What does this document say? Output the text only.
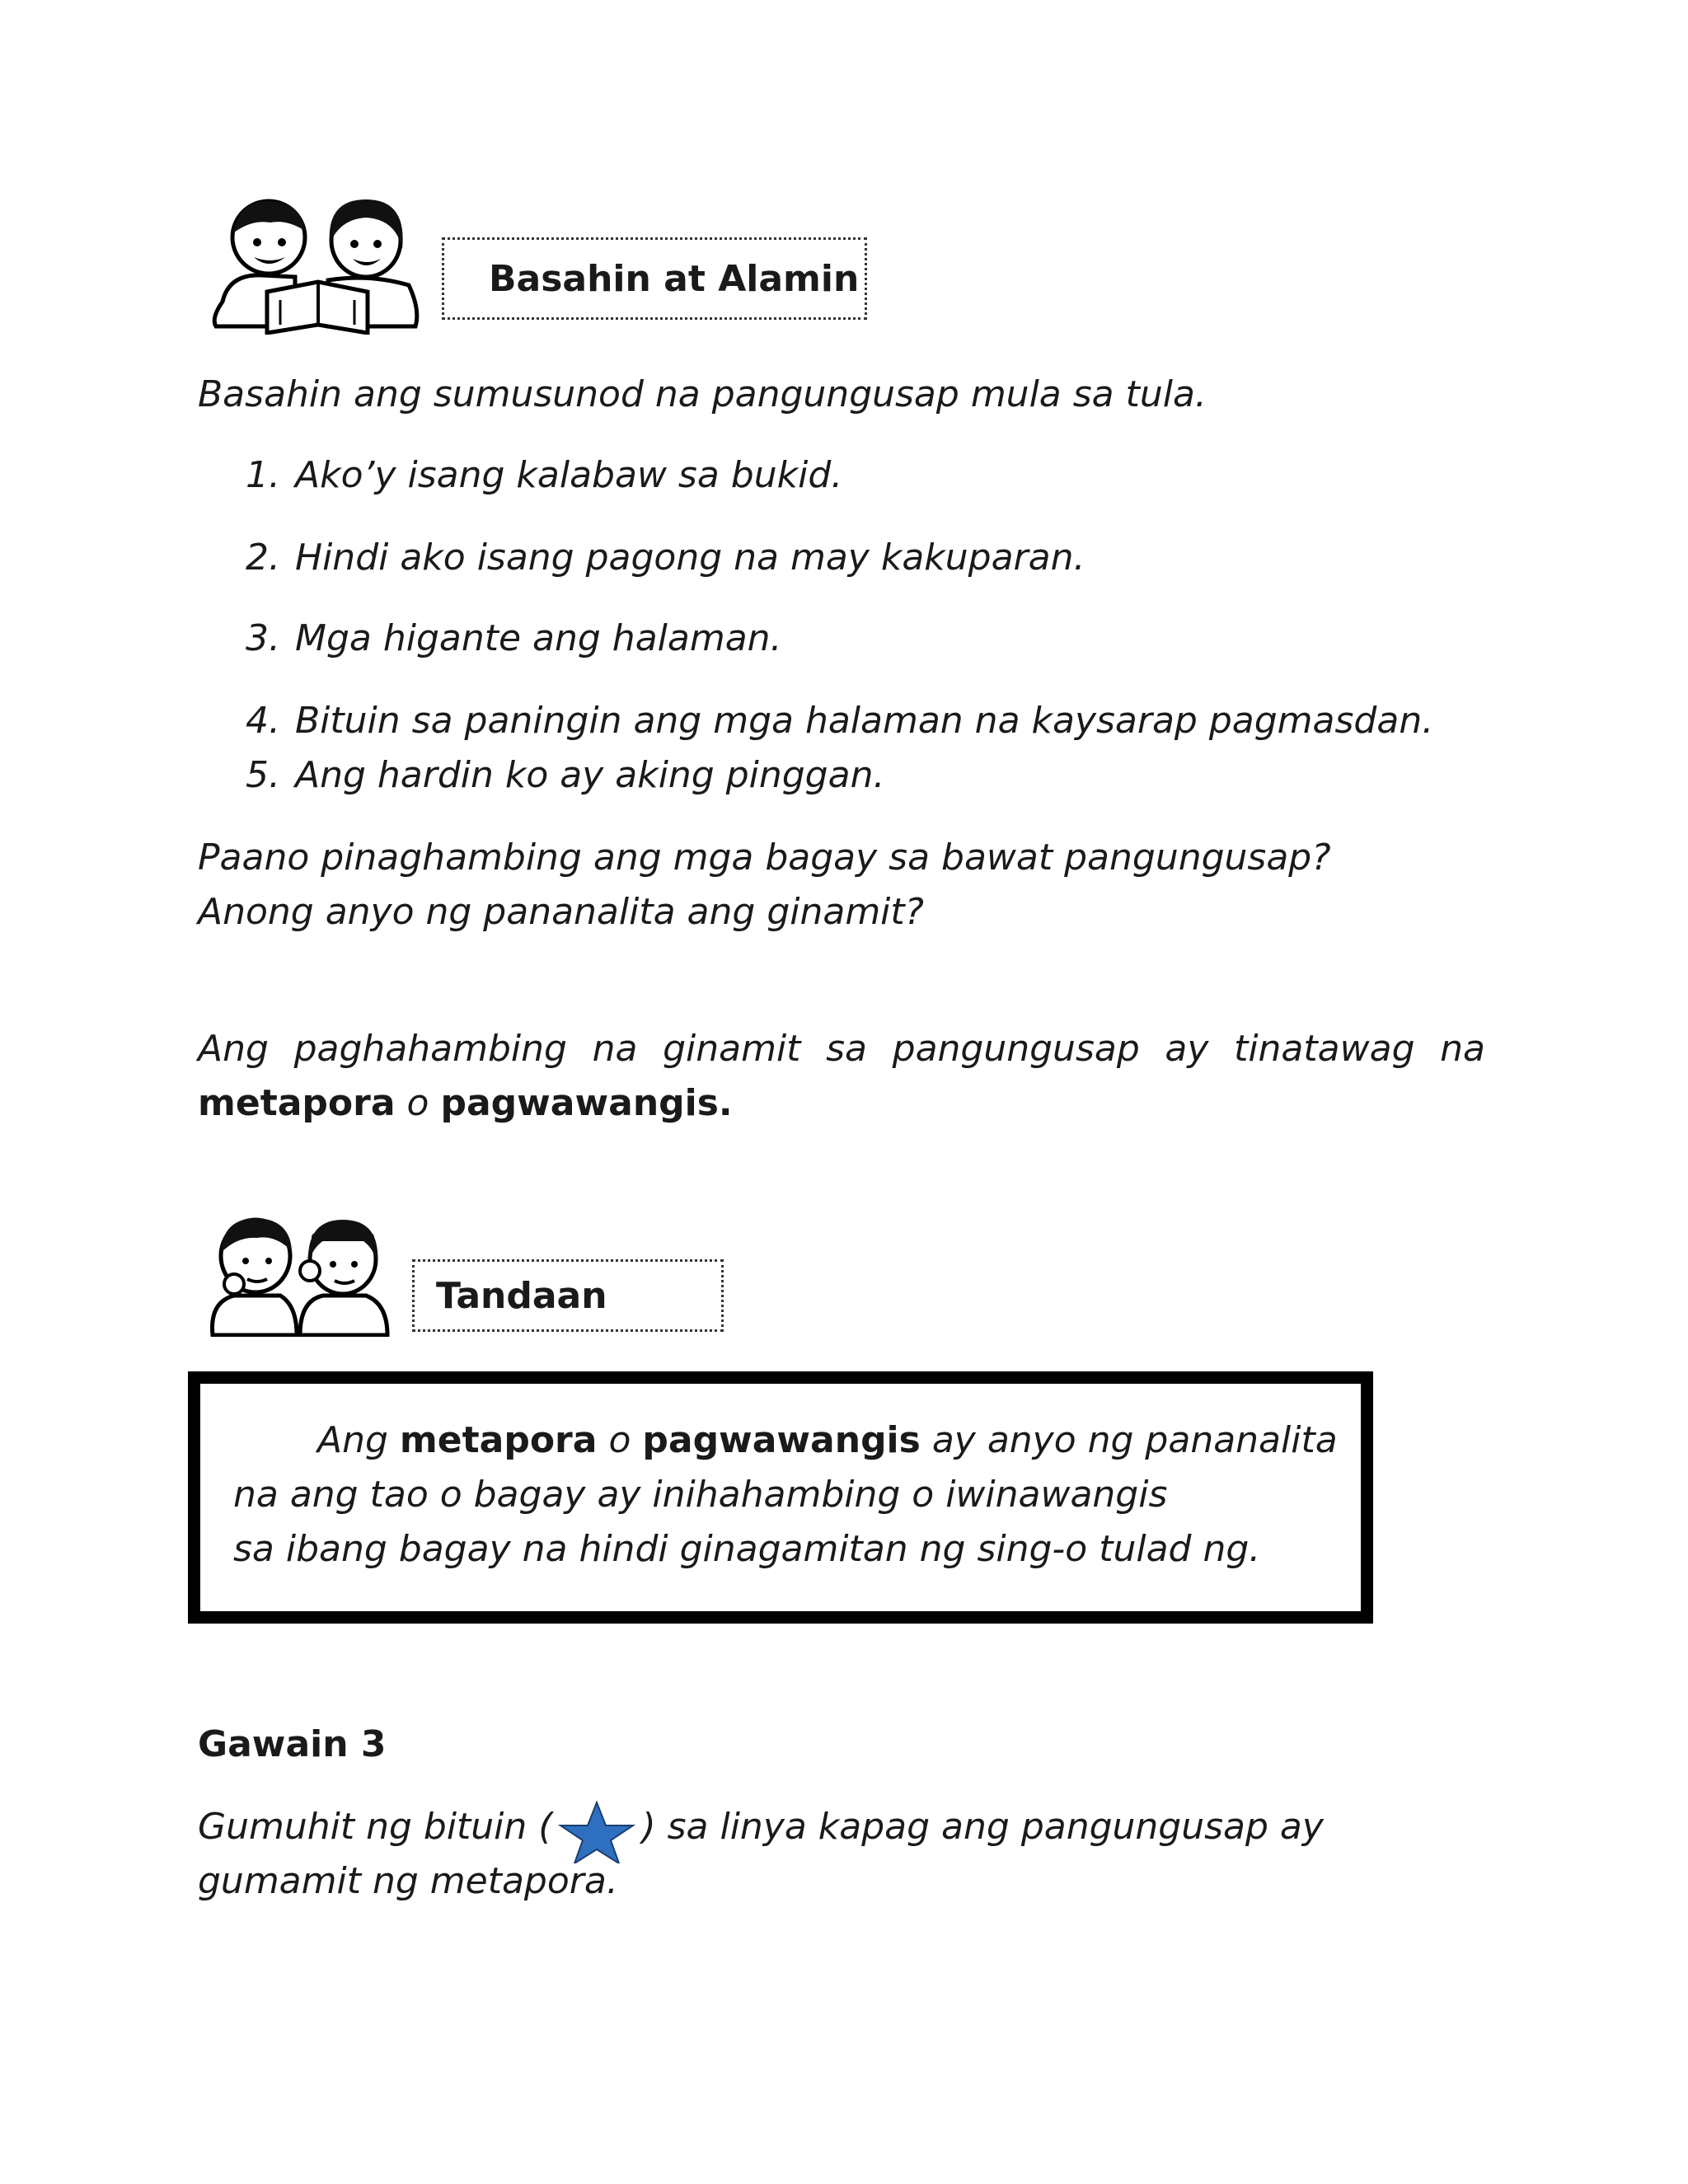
Basahin at Alamin
Basahin ang sumusunod na pangungusap mula sa tula.
1. Ako’y isang kalabaw sa bukid.
2. Hindi ako isang pagong na may kakuparan.
3. Mga higante ang halaman.
4. Bituin sa paningin ang mga halaman na kaysarap pagmasdan.
5. Ang hardin ko ay aking pinggan.
Paano pinaghambing ang mga bagay sa bawat pangungusap?
Anong anyo ng pananalita ang ginamit?
Ang paghahambing na ginamit sa pangungusap ay tinatawag na
metapora o pagwawangis.
Tandaan
Ang metapora o pagwawangis ay anyo ng pananalita
na ang tao o bagay ay inihahambing o iwinawangis
sa ibang bagay na hindi ginagamitan ng sing-o tulad ng.
Gawain 3
Gumuhit ng bituin ( ) sa linya kapag ang pangungusap ay
gumamit ng metapora.
